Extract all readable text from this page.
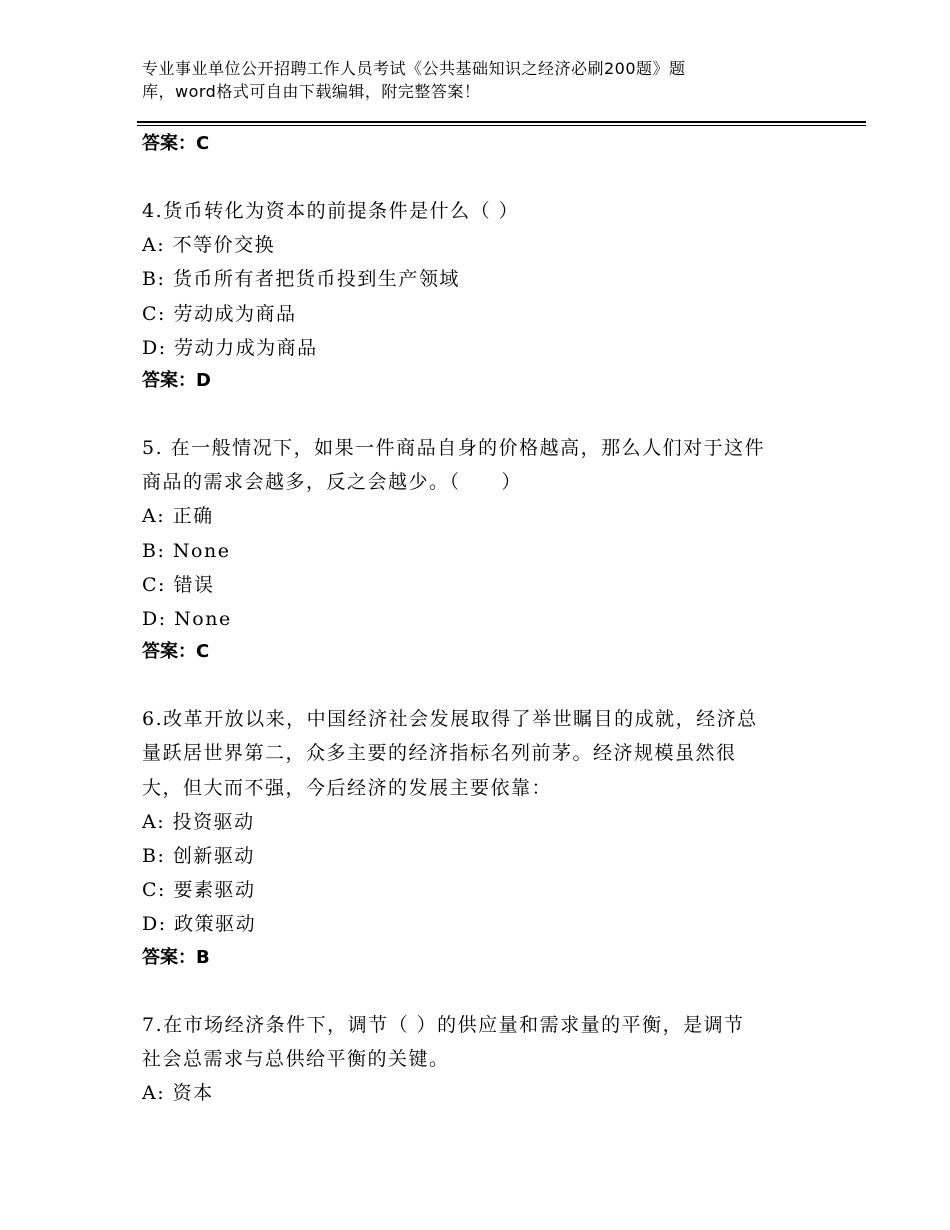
专业事业单位公开招聘工作人员考试《公共基础知识之经济必刷200题》题
库，word格式可自由下载编辑，附完整答案！
答案：C
4.货币转化为资本的前提条件是什么（ ）
A: 不等价交换
B: 货币所有者把货币投到生产领域
C: 劳动成为商品
D: 劳动力成为商品
答案：D
5. 在一般情况下，如果一件商品自身的价格越高，那么人们对于这件
商品的需求会越多，反之会越少。（　　）
A: 正确
B: None
C: 错误
D: None
答案：C
6.改革开放以来，中国经济社会发展取得了举世瞩目的成就，经济总
量跃居世界第二，众多主要的经济指标名列前茅。经济规模虽然很
大，但大而不强，今后经济的发展主要依靠：
A: 投资驱动
B: 创新驱动
C: 要素驱动
D: 政策驱动
答案：B
7.在市场经济条件下，调节（ ）的供应量和需求量的平衡，是调节
社会总需求与总供给平衡的关键。
A: 资本
